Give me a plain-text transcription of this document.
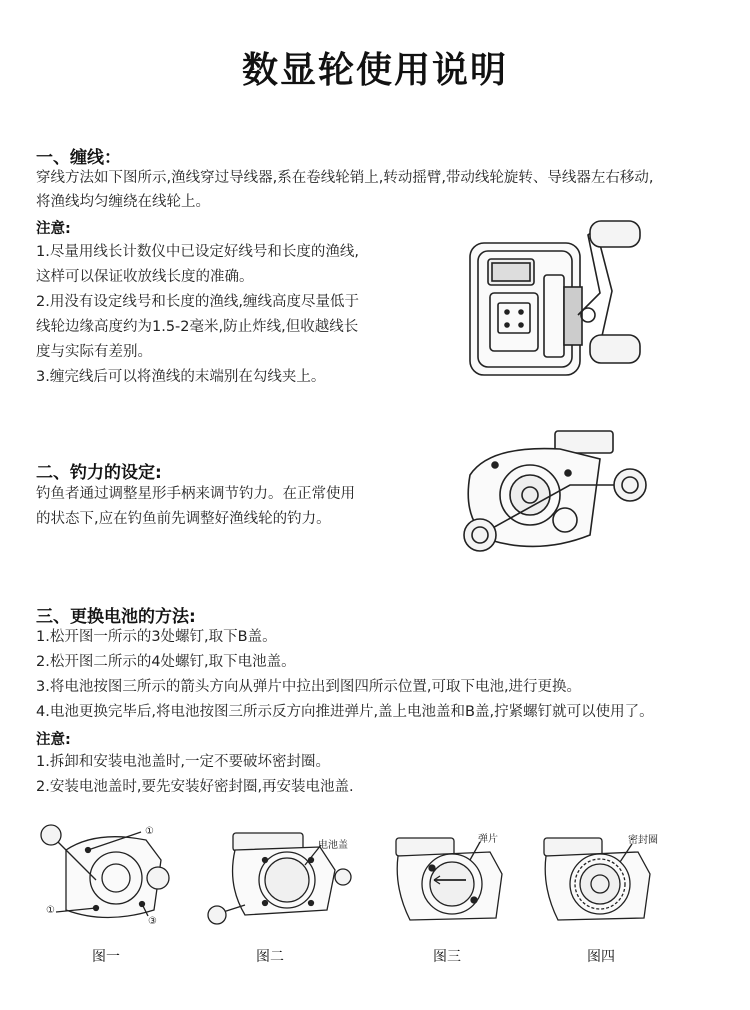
数显轮使用说明
一、缠线：
穿线方法如下图所示,渔线穿过导线器,系在卷线轮销上,转动摇臂,带动线轮旋转、导线器左右移动,
将渔线均匀缠绕在线轮上。
注意:
1.尽量用线长计数仪中已设定好线号和长度的渔线,
这样可以保证收放线长度的准确。
2.用没有设定线号和长度的渔线,缠线高度尽量低于
线轮边缘高度约为1.5-2毫米,防止炸线,但收越线长
度与实际有差别。
3.缠完线后可以将渔线的末端别在勾线夹上。
二、钓力的设定:
钓鱼者通过调整星形手柄来调节钓力。在正常使用
的状态下,应在钓鱼前先调整好渔线轮的钓力。
三、更换电池的方法:
1.松开图一所示的3处螺钉,取下B盖。
2.松开图二所示的4处螺钉,取下电池盖。
3.将电池按图三所示的箭头方向从弹片中拉出到图四所示位置,可取下电池,进行更换。
4.电池更换完毕后,将电池按图三所示反方向推进弹片,盖上电池盖和B盖,拧紧螺钉就可以使用了。
注意:
1.拆卸和安装电池盖时,一定不要破坏密封圈。
2.安装电池盖时,要先安装好密封圈,再安装电池盖.
①
①
③
图一
电池盖
图二
弹片
图三
密封圈
图四
